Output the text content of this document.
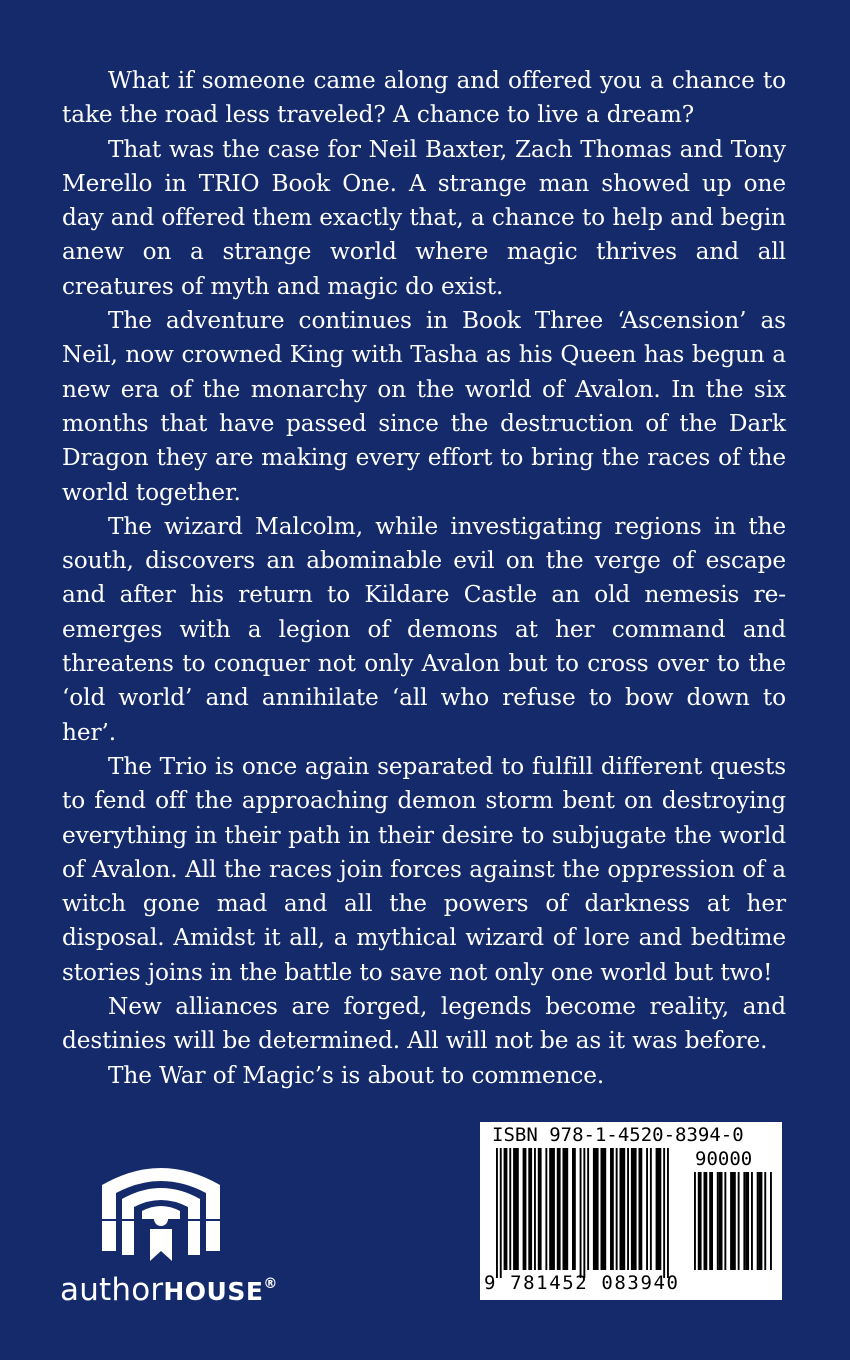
What if someone came along and offered you a chance to take the road less traveled? A chance to live a dream?

That was the case for Neil Baxter, Zach Thomas and Tony Merello in TRIO Book One. A strange man showed up one day and offered them exactly that, a chance to help and begin anew on a strange world where magic thrives and all creatures of myth and magic do exist.

The adventure continues in Book Three ‘Ascension’ as Neil, now crowned King with Tasha as his Queen has begun a new era of the monarchy on the world of Avalon. In the six months that have passed since the destruction of the Dark Dragon they are making every effort to bring the races of the world together.

The wizard Malcolm, while investigating regions in the south, discovers an abominable evil on the verge of escape and after his return to Kildare Castle an old nemesis re-emerges with a legion of demons at her command and threatens to conquer not only Avalon but to cross over to the ‘old world’ and annihilate ‘all who refuse to bow down to her’.

The Trio is once again separated to fulfill different quests to fend off the approaching demon storm bent on destroying everything in their path in their desire to subjugate the world of Avalon. All the races join forces against the oppression of a witch gone mad and all the powers of darkness at her disposal. Amidst it all, a mythical wizard of lore and bedtime stories joins in the battle to save not only one world but two!

New alliances are forged, legends become reality, and destinies will be determined. All will not be as it was before.

The War of Magic’s is about to commence.

authorHOUSE®
ISBN 978-1-4520-8394-0
90000
9 781452 083940
